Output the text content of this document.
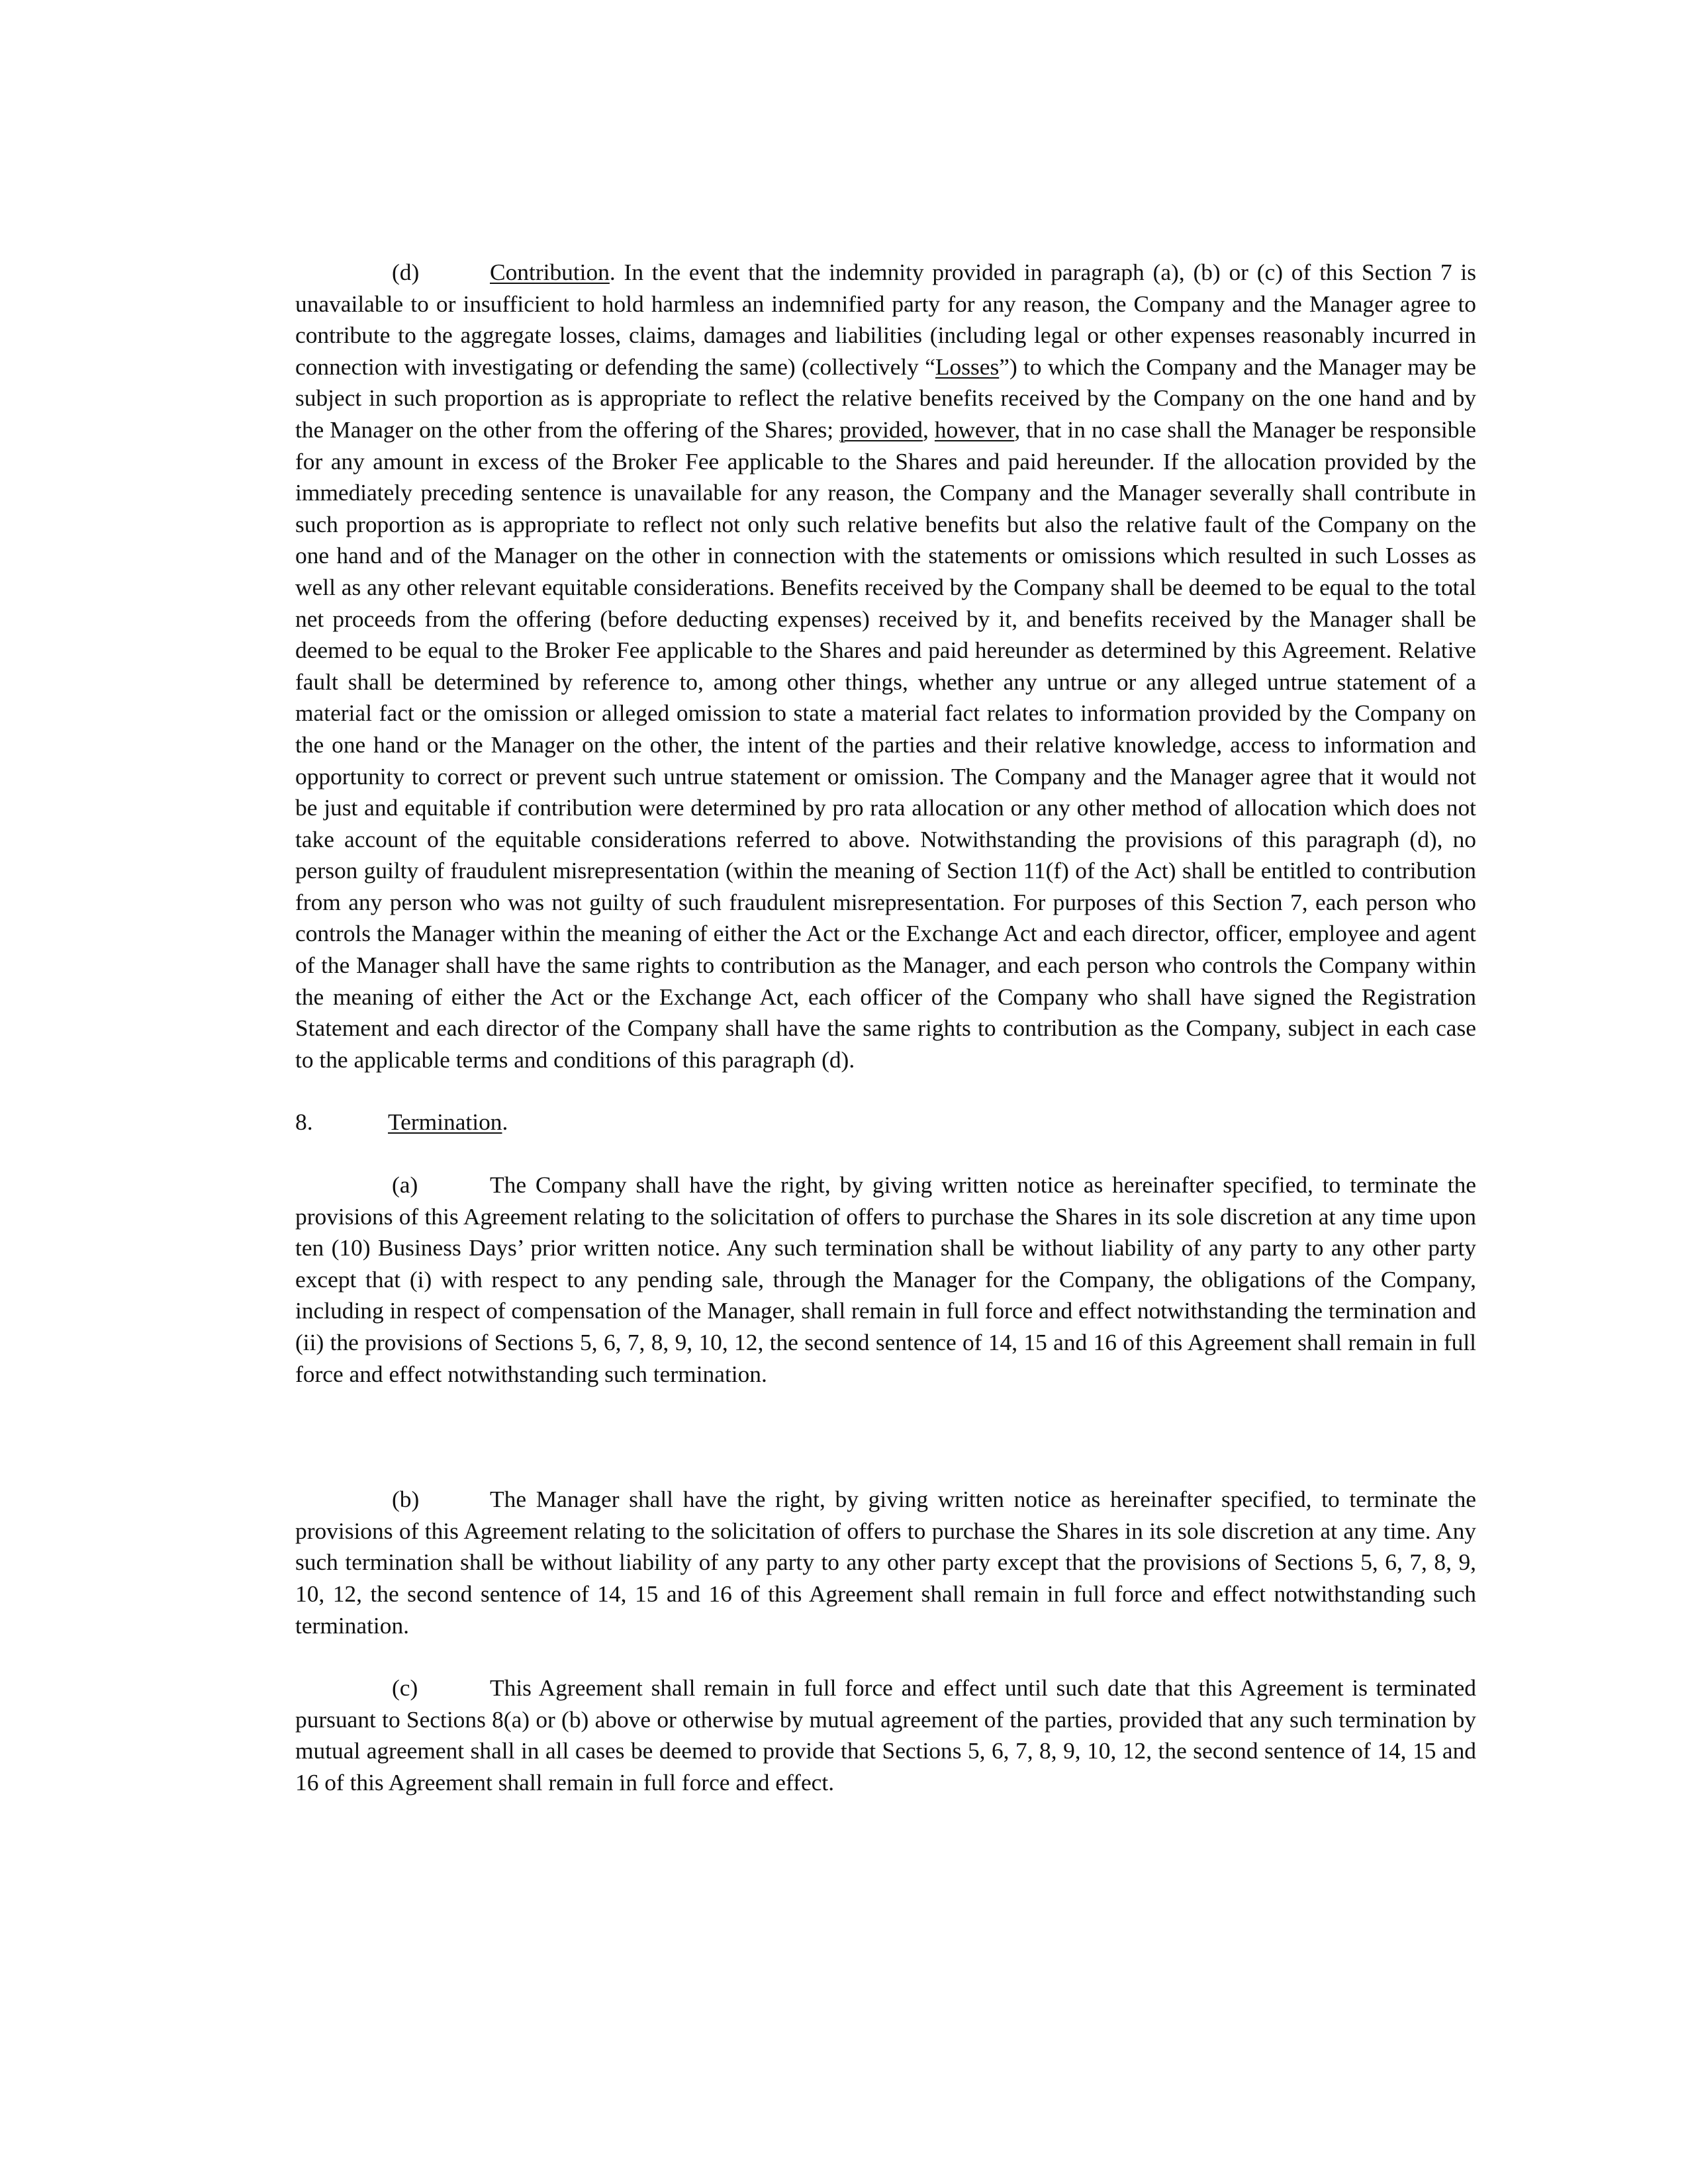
(d)	Contribution. In the event that the indemnity provided in paragraph (a), (b) or (c) of this Section 7 is unavailable to or insufficient to hold harmless an indemnified party for any reason, the Company and the Manager agree to contribute to the aggregate losses, claims, damages and liabilities (including legal or other expenses reasonably incurred in connection with investigating or defending the same) (collectively “Losses”) to which the Company and the Manager may be subject in such proportion as is appropriate to reflect the relative benefits received by the Company on the one hand and by the Manager on the other from the offering of the Shares; provided, however, that in no case shall the Manager be responsible for any amount in excess of the Broker Fee applicable to the Shares and paid hereunder. If the allocation provided by the immediately preceding sentence is unavailable for any reason, the Company and the Manager severally shall contribute in such proportion as is appropriate to reflect not only such relative benefits but also the relative fault of the Company on the one hand and of the Manager on the other in connection with the statements or omissions which resulted in such Losses as well as any other relevant equitable considerations. Benefits received by the Company shall be deemed to be equal to the total net proceeds from the offering (before deducting expenses) received by it, and benefits received by the Manager shall be deemed to be equal to the Broker Fee applicable to the Shares and paid hereunder as determined by this Agreement. Relative fault shall be determined by reference to, among other things, whether any untrue or any alleged untrue statement of a material fact or the omission or alleged omission to state a material fact relates to information provided by the Company on the one hand or the Manager on the other, the intent of the parties and their relative knowledge, access to information and opportunity to correct or prevent such untrue statement or omission. The Company and the Manager agree that it would not be just and equitable if contribution were determined by pro rata allocation or any other method of allocation which does not take account of the equitable considerations referred to above. Notwithstanding the provisions of this paragraph (d), no person guilty of fraudulent misrepresentation (within the meaning of Section 11(f) of the Act) shall be entitled to contribution from any person who was not guilty of such fraudulent misrepresentation. For purposes of this Section 7, each person who controls the Manager within the meaning of either the Act or the Exchange Act and each director, officer, employee and agent of the Manager shall have the same rights to contribution as the Manager, and each person who controls the Company within the meaning of either the Act or the Exchange Act, each officer of the Company who shall have signed the Registration Statement and each director of the Company shall have the same rights to contribution as the Company, subject in each case to the applicable terms and conditions of this paragraph (d).

8.	Termination.

(a)	The Company shall have the right, by giving written notice as hereinafter specified, to terminate the provisions of this Agreement relating to the solicitation of offers to purchase the Shares in its sole discretion at any time upon ten (10) Business Days’ prior written notice. Any such termination shall be without liability of any party to any other party except that (i) with respect to any pending sale, through the Manager for the Company, the obligations of the Company, including in respect of compensation of the Manager, shall remain in full force and effect notwithstanding the termination and (ii) the provisions of Sections 5, 6, 7, 8, 9, 10, 12, the second sentence of 14, 15 and 16 of this Agreement shall remain in full force and effect notwithstanding such termination.

(b)	The Manager shall have the right, by giving written notice as hereinafter specified, to terminate the provisions of this Agreement relating to the solicitation of offers to purchase the Shares in its sole discretion at any time. Any such termination shall be without liability of any party to any other party except that the provisions of Sections 5, 6, 7, 8, 9, 10, 12, the second sentence of 14, 15 and 16 of this Agreement shall remain in full force and effect notwithstanding such termination.

(c)	This Agreement shall remain in full force and effect until such date that this Agreement is terminated pursuant to Sections 8(a) or (b) above or otherwise by mutual agreement of the parties, provided that any such termination by mutual agreement shall in all cases be deemed to provide that Sections 5, 6, 7, 8, 9, 10, 12, the second sentence of 14, 15 and 16 of this Agreement shall remain in full force and effect.
